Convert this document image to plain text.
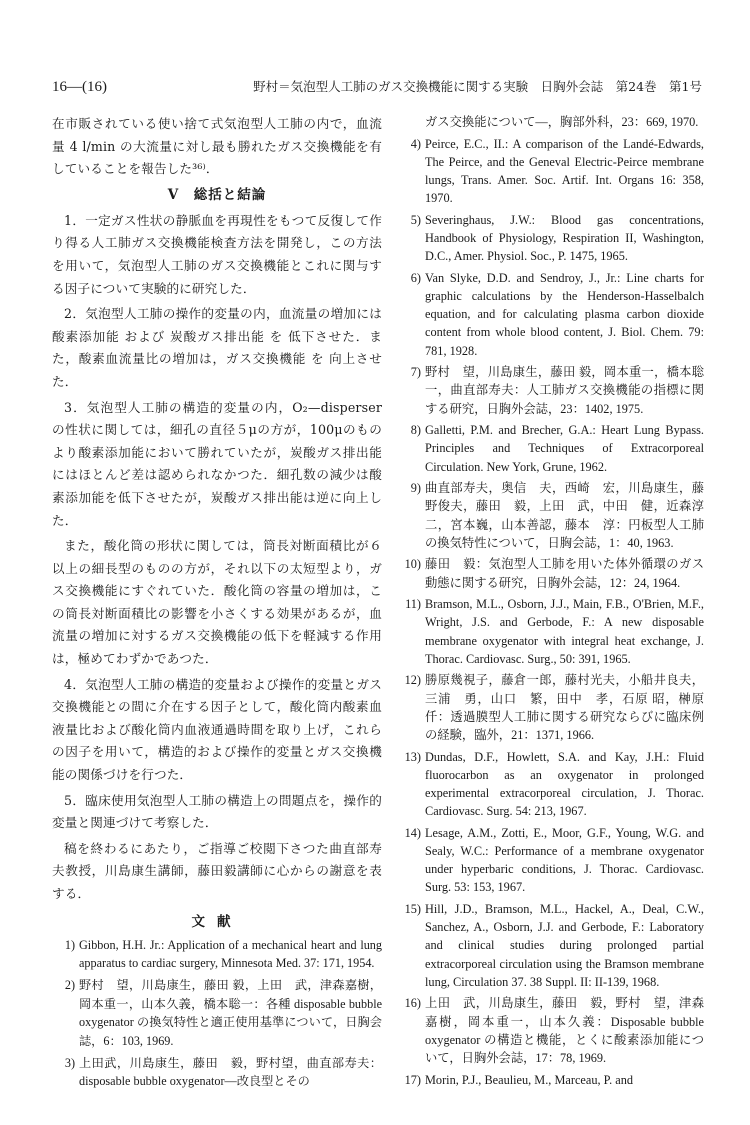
16—(16)	野村＝気泡型人工肺のガス交換機能に関する実験　日胸外会誌　第24巻　第1号

在市販されている使い捨て式気泡型人工肺の内で，血流量 4 l/min の大流量に対し最も勝れたガス交換機能を有していることを報告した³⁶⁾．

V　総括と結論

1．一定ガス性状の静脈血を再現性をもつて反復して作り得る人工肺ガス交換機能検査方法を開発し，この方法を用いて，気泡型人工肺のガス交換機能とこれに関与する因子について実験的に研究した．

2．気泡型人工肺の操作的変量の内，血流量の増加には酸素添加能 および 炭酸ガス排出能 を 低下させた．また，酸素血流量比の増加は，ガス交換機能 を 向上させた．

3．気泡型人工肺の構造的変量の内，O₂—disperser の性状に関しては，細孔の直径５μの方が，100μのものより酸素添加能において勝れていたが，炭酸ガス排出能にはほとんど差は認められなかつた．細孔数の減少は酸素添加能を低下させたが，炭酸ガス排出能は逆に向上した．

また，酸化筒の形状に関しては，筒長対断面積比が６以上の細長型のものの方が，それ以下の太短型より，ガス交換機能にすぐれていた．酸化筒の容量の増加は，この筒長対断面積比の影響を小さくする効果があるが，血流量の増加に対するガス交換機能の低下を軽減する作用は，極めてわずかであつた．

4．気泡型人工肺の構造的変量および操作的変量とガス交換機能との間に介在する因子として，酸化筒内酸素血液量比および酸化筒内血液通過時間を取り上げ，これらの因子を用いて，構造的および操作的変量とガス交換機能の関係づけを行つた．

5．臨床使用気泡型人工肺の構造上の問題点を，操作的変量と関連づけて考察した．

稿を終わるにあたり，ご指導ご校閲下さつた曲直部寿夫教授，川島康生講師，藤田毅講師に心からの謝意を表する．

文献
1) Gibbon, H.H. Jr.: Application of a mechanical heart and lung apparatus to cardiac surgery, Minnesota Med. 37: 171, 1954.
2) 野村　望，川島康生，藤田 毅，上田　武，津森嘉樹，岡本重一，山本久義，橋本聡一：各種 disposable bubble oxygenator の換気特性と適正使用基準について，日胸会誌，6：103, 1969.
3) 上田武，川島康生，藤田　毅，野村望，曲直部寿夫：disposable bubble oxygenator—改良型とその
ガス交換能について—，胸部外科，23：669, 1970.
4) Peirce, E.C., II.: A comparison of the Landé-Edwards, The Peirce, and the Geneval Electric-Peirce membrane lungs, Trans. Amer. Soc. Artif. Int. Organs 16: 358, 1970.
5) Severinghaus, J.W.: Blood gas concentrations, Handbook of Physiology, Respiration II, Washington, D.C., Amer. Physiol. Soc., P. 1475, 1965.
6) Van Slyke, D.D. and Sendroy, J., Jr.: Line charts for graphic calculations by the Henderson-Hasselbalch equation, and for calculating plasma carbon dioxide content from whole blood content, J. Biol. Chem. 79: 781, 1928.
7) 野村　望，川島康生，藤田 毅，岡本重一，橋本聡一，曲直部寿夫：人工肺ガス交換機能の指標に関する研究，日胸外会誌，23：1402, 1975.
8) Galletti, P.M. and Brecher, G.A.: Heart Lung Bypass. Principles and Techniques of Extracorporeal Circulation. New York, Grune, 1962.
9) 曲直部寿夫，奥信　夫，西崎　宏，川島康生，藤野俊夫，藤田　毅，上田　武，中田　健，近森淳二，宮本巍，山本善認，藤本　淳：円板型人工肺の換気特性について，日胸会誌，1：40, 1963.
10) 藤田　毅：気泡型人工肺を用いた体外循環のガス動態に関する研究，日胸外会誌，12：24, 1964.
11) Bramson, M.L., Osborn, J.J., Main, F.B., O'Brien, M.F., Wright, J.S. and Gerbode, F.: A new disposable membrane oxygenator with integral heat exchange, J. Thorac. Cardiovasc. Surg., 50: 391, 1965.
12) 勝原幾視子，藤倉一郎，藤村光夫，小船井良夫，三浦　勇，山口　繁，田中　孝，石原 昭，榊原 仟：透過膜型人工肺に関する研究ならびに臨床例の経験，臨外，21：1371, 1966.
13) Dundas, D.F., Howlett, S.A. and Kay, J.H.: Fluid fluorocarbon as an oxygenator in prolonged experimental extracorporeal circulation, J. Thorac. Cardiovasc. Surg. 54: 213, 1967.
14) Lesage, A.M., Zotti, E., Moor, G.F., Young, W.G. and Sealy, W.C.: Performance of a membrane oxygenator under hyperbaric conditions, J. Thorac. Cardiovasc. Surg. 53: 153, 1967.
15) Hill, J.D., Bramson, M.L., Hackel, A., Deal, C.W., Sanchez, A., Osborn, J.J. and Gerbode, F.: Laboratory and clinical studies during prolonged partial extracorporeal circulation using the Bramson membrane lung, Circulation 37. 38 Suppl. II: II-139, 1968.
16) 上田　武，川島康生，藤田　毅，野村　望，津森嘉樹，岡本重一，山本久義：Disposable bubble oxygenator の構造と機能，とくに酸素添加能について，日胸外会誌，17：78, 1969.
17) Morin, P.J., Beaulieu, M., Marceau, P. and
